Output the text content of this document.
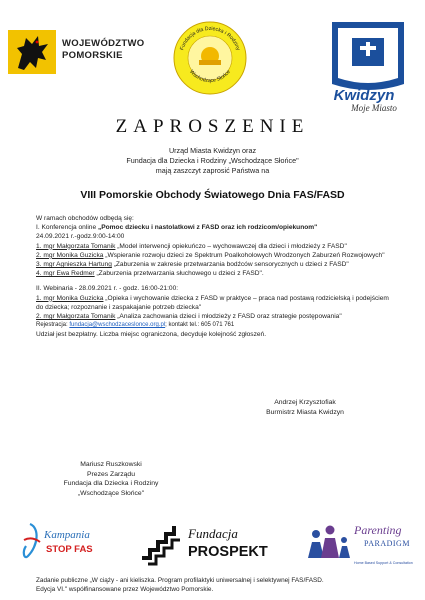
WOJEWÓDZTWO
POMORSKIE
Fundacja dla Dziecka i Rodziny
Wschodzące Słońce
Kwidzyn
Moje Miasto
ZAPROSZENIE
Urząd Miasta Kwidzyn oraz
Fundacja dla Dziecka i Rodziny „Wschodzące Słońce"
mają zaszczyt zaprosić Państwa na
VIII Pomorskie Obchody Światowego Dnia FAS/FASD

W ramach obchodów odbędą się:

I. Konferencja online „Pomoc dziecku i nastolatkowi z FASD oraz ich rodzicom/opiekunom"

24.09.2021 r.-godz.9:00-14:00

1. mgr Małgorzata Tomanik „Model interwencji opiekuńczo – wychowawczej dla dzieci i młodzieży z FASD"

2. mgr Monika Guzicka „Wspieranie rozwoju dzieci ze Spektrum Poalkoholowych Wrodzonych Zaburzeń Rozwojowych"

3. mgr Agnieszka Hartung „Zaburzenia w zakresie przetwarzania bodźców sensorycznych u dzieci z FASD"

4. mgr Ewa Redmer „Zaburzenia przetwarzania słuchowego u dzieci z FASD".

II. Webinaria - 28.09.2021 r. - godz. 16:00-21:00:

1. mgr Monika Guzicka „Opieka i wychowanie dziecka z FASD w praktyce – praca nad postawą rodzicielską i podejściem do dziecka; rozpoznanie i zaspakajanie potrzeb dziecka"

2. mgr Małgorzata Tomanik „Analiza zachowania dzieci i młodzieży z FASD oraz strategie postępowania"

Rejestracja: fundacja@wschodzaceslonce.org.pl; kontakt tel.: 605 071 761

Udział jest bezpłatny. Liczba miejsc ograniczona, decyduje kolejność zgłoszeń.

Andrzej Krzysztofiak
Burmistrz Miasta Kwidzyn
Mariusz Ruszkowski
Prezes Zarządu
Fundacja dla Dziecka i Rodziny
„Wschodzące Słońce"
Kampania
STOP FAS
Fundacja
PROSPEKT
Parenting
PARADIGM
Home Based Support & Consultation
Zadanie publiczne „W ciąży - ani kieliszka. Program profilaktyki uniwersalnej i selektywnej FAS/FASD.
Edycja VI." współfinansowane przez Województwo Pomorskie.
